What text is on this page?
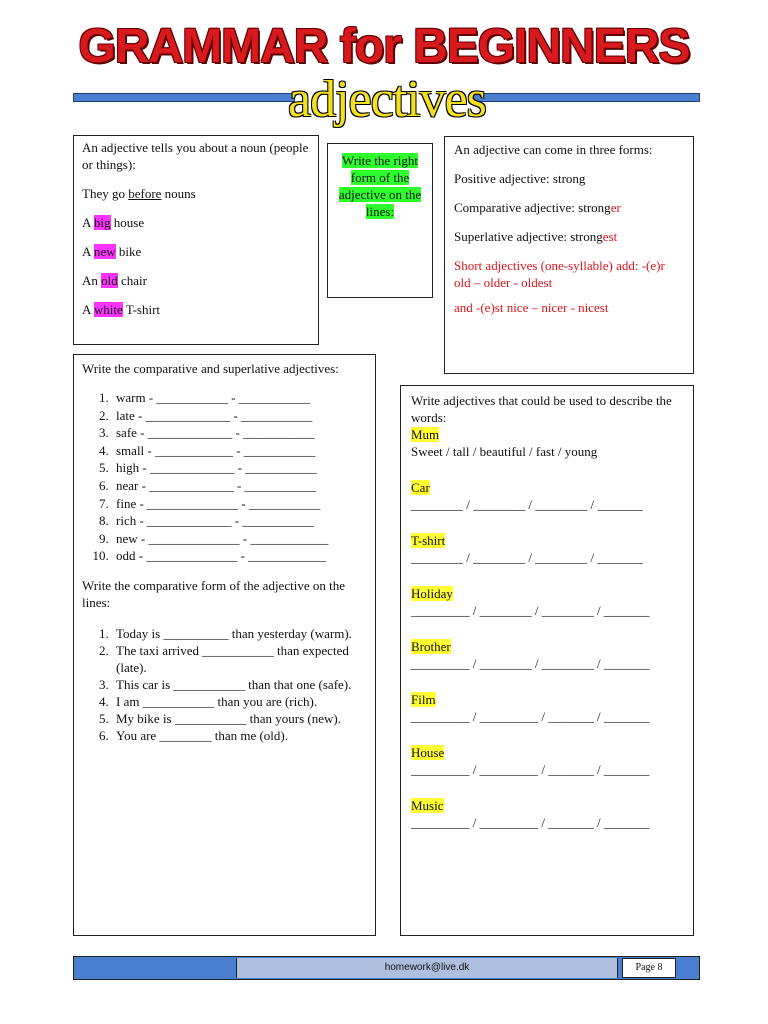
GRAMMAR for BEGINNERS
adjectives

An adjective tells you about a noun (people or things):

They go before nouns

A big house

A new bike

An old chair

A white T-shirt

Write the right form of the adjective on the lines:

An adjective can come in three forms:

Positive adjective: strong

Comparative adjective: stronger

Superlative adjective: strongest

Short adjectives (one-syllable) add: -(e)r old – older - oldest

and -(e)st nice – nicer - nicest

Write the comparative and superlative adjectives:

1. warm - ___________ - ___________
2. late - _____________ - ___________
3. safe - _____________ - ___________
4. small - ____________ - ___________
5. high - _____________ - ___________
6. near - _____________ - ___________
7. fine - ______________ - ___________
8. rich - _____________ - ___________
9. new - ______________ - ____________
10. odd - ______________ - ____________

Write the comparative form of the adjective on the lines:

1. Today is __________ than yesterday (warm).
2. The taxi arrived ___________ than expected (late).
3. This car is ___________ than that one (safe).
4. I am ___________ than you are (rich).
5. My bike is ___________ than yours (new).
6. You are ________ than me (old).

Write adjectives that could be used to describe the words:

Mum

Sweet / tall / beautiful / fast / young

Car

________ / ________ / ________ / _______

T-shirt

________ / ________ / ________ / _______

Holiday

_________ / ________ / ________ / _______

Brother

_________ / ________ / ________ / _______

Film

_________ / _________ / _______ / _______

House

_________ / _________ / _______ / _______

Music

_________ / _________ / _______ / _______

homework@live.dk	Page 8
